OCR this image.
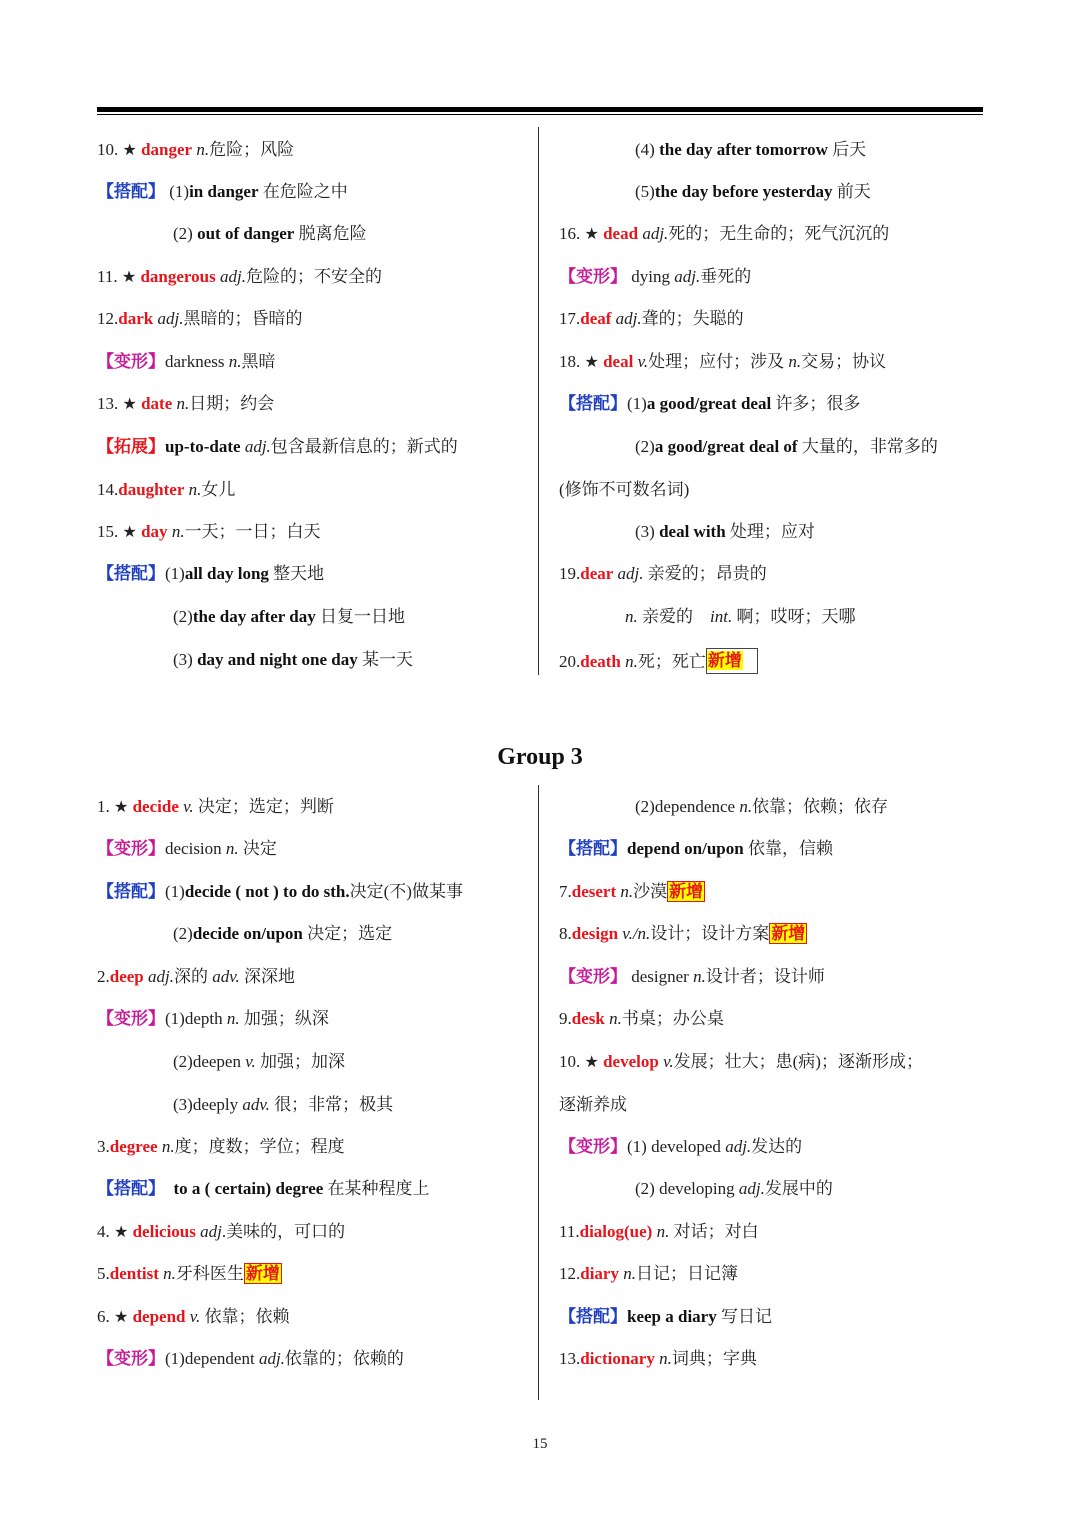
10. ★ danger n.危险；风险
【搭配】 (1)in danger 在危险之中
(2) out of danger 脱离危险
11. ★ dangerous adj.危险的；不安全的
12.dark adj.黑暗的；昏暗的
【变形】darkness n.黑暗
13. ★ date n.日期；约会
【拓展】up-to-date adj.包含最新信息的；新式的
14.daughter n.女儿
15. ★ day n.一天；一日；白天
【搭配】(1)all day long 整天地
(2)the day after day 日复一日地
(3) day and night one day 某一天
(4) the day after tomorrow 后天
(5)the day before yesterday 前天
16. ★ dead adj.死的；无生命的；死气沉沉的
【变形】 dying adj.垂死的
17.deaf adj.聋的；失聪的
18. ★ deal v.处理；应付；涉及 n.交易；协议
【搭配】(1)a good/great deal 许多；很多
(2)a good/great deal of 大量的，非常多的
(修饰不可数名词)
(3) deal with 处理；应对
19.dear adj. 亲爱的；昂贵的
n. 亲爱的 int. 啊；哎呀；天哪
20.death n.死；死亡 新增
Group 3
1. ★ decide v. 决定；选定；判断
【变形】decision n. 决定
【搭配】(1)decide ( not ) to do sth.决定(不)做某事
(2)decide on/upon 决定；选定
2.deep adj.深的 adv. 深深地
【变形】(1)depth n. 加强；纵深
(2)deepen v. 加强；加深
(3)deeply adv. 很；非常；极其
3.degree n.度；度数；学位；程度
【搭配】 to a ( certain) degree 在某种程度上
4. ★ delicious adj.美味的，可口的
5.dentist n.牙科医生 新增
6. ★ depend v. 依靠；依赖
【变形】(1)dependent adj.依靠的；依赖的
(2)dependence n.依靠；依赖；依存
【搭配】depend on/upon 依靠，信赖
7.desert n.沙漠 新增
8.design v./n.设计；设计方案 新增
【变形】 designer n.设计者；设计师
9.desk n.书桌；办公桌
10. ★ develop v.发展；壮大；患(病)；逐渐形成；
逐渐养成
【变形】(1) developed adj.发达的
(2) developing adj.发展中的
11.dialog(ue) n. 对话；对白
12.diary n.日记；日记簿
【搭配】keep a diary 写日记
13.dictionary n.词典；字典
15
